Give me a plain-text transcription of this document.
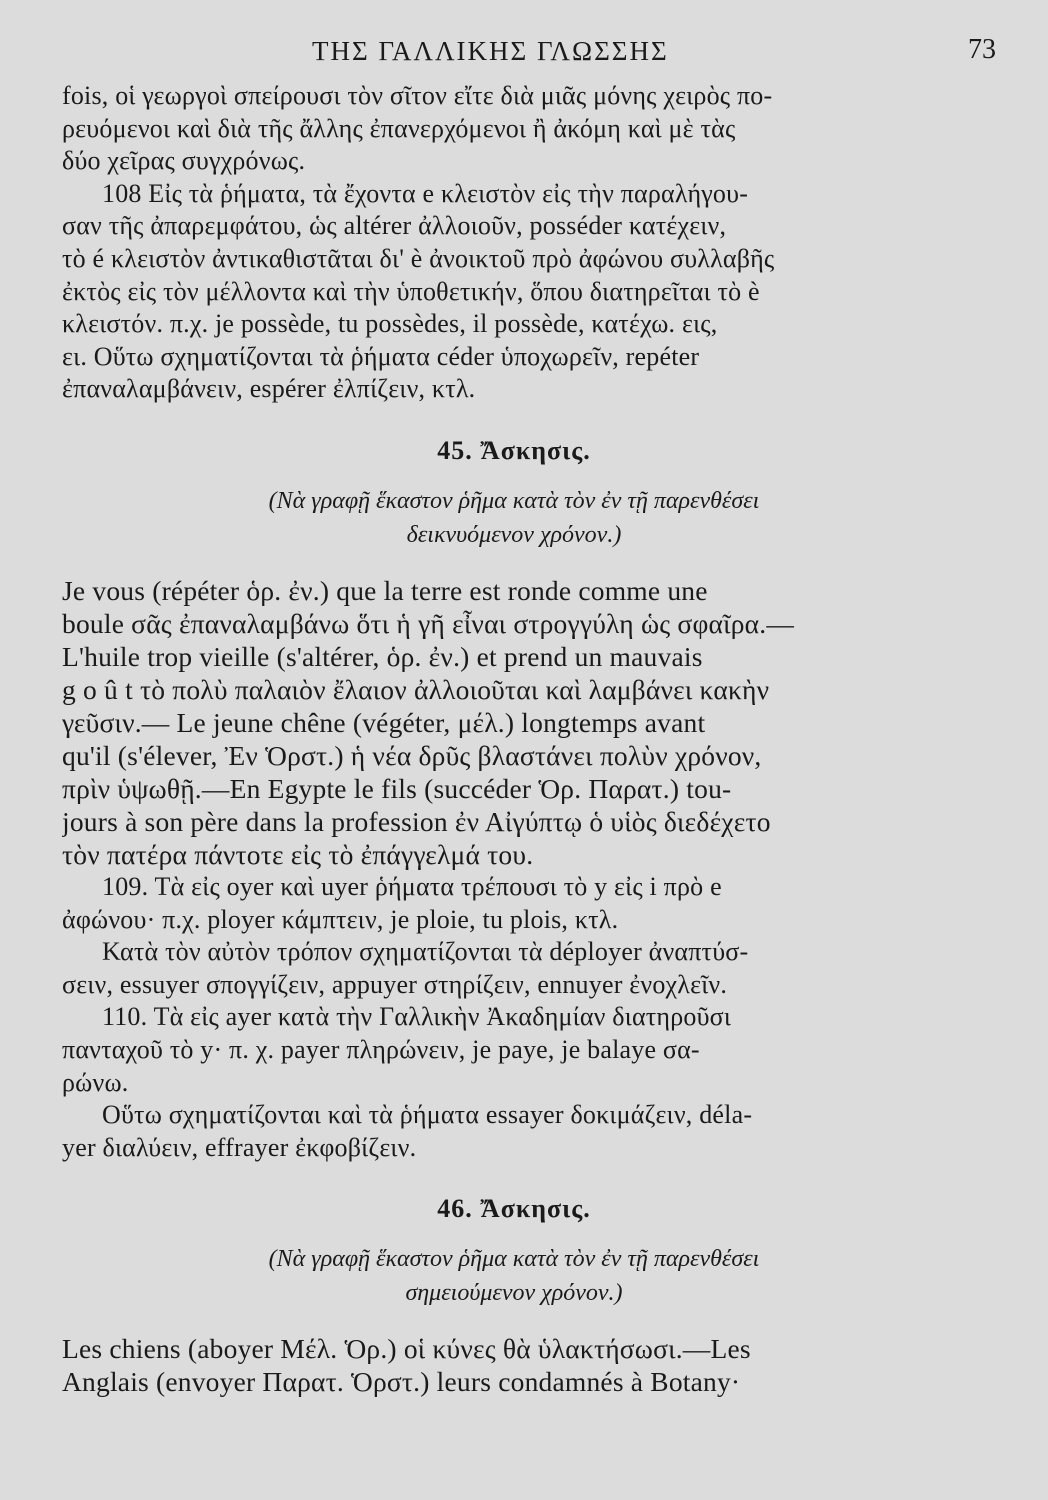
ΤΗΣ ΓΑΛΛΙΚΗΣ ΓΛΩΣΣΗΣ	73
fois, οἱ γεωργοὶ σπείρουσι τὸν σῖτον εἴτε διὰ μιᾶς μόνης χειρὸς πο-
ρευόμενοι καὶ διὰ τῆς ἄλλης ἐπανερχόμενοι ἢ ἀκόμη καὶ μὲ τὰς
δύο χεῖρας συγχρόνως.
108 Εἰς τὰ ῥήματα, τὰ ἔχοντα e κλειστὸν εἰς τὴν παραλήγου-
σαν τῆς ἀπαρεμφάτου, ὡς altérer ἀλλοιοῦν, posséder κατέχειν,
τὸ é κλειστὸν ἀντικαθιστᾶται δι' è ἀνοικτοῦ πρὸ ἀφώνου συλλαβῆς
ἐκτὸς εἰς τὸν μέλλοντα καὶ τὴν ὑποθετικήν, ὅπου διατηρεῖται τὸ è
κλειστόν. π.χ. je possède, tu possèdes, il possède, κατέχω. εις,
ει. Οὕτω σχηματίζονται τὰ ῥήματα céder ὑποχωρεῖν, repéter
ἐπαναλαμβάνειν, espérer ἐλπίζειν, κτλ.
45. Ἄσκησις.
(Νὰ γραφῇ ἕκαστον ῥῆμα κατὰ τὸν ἐν τῇ παρενθέσει
δεικνυόμενον χρόνον.)
Je vous (répéter ὁρ. ἐν.) que la terre est ronde comme une
boule σᾶς ἐπαναλαμβάνω ὅτι ἡ γῆ εἶναι στρογγύλη ὡς σφαῖρα.—
L'huile trop vieille (s'altérer, ὁρ. ἐν.) et prend un mauvais
g o û t τὸ πολὺ παλαιὸν ἔλαιον ἀλλοιοῦται καὶ λαμβάνει κακὴν
γεῦσιν.— Le jeune chêne (végéter, μέλ.) longtemps avant
qu'il (s'élever, Ἐν Ὁρστ.) ἡ νέα δρῦς βλαστάνει πολὺν χρόνον,
πρὶν ὑψωθῇ.—En Egypte le fils (succéder Ὁρ. Παρατ.) tou-
jours à son père dans la profession ἐν Αἰγύπτῳ ὁ υἱὸς διεδέχετο
τὸν πατέρα πάντοτε εἰς τὸ ἐπάγγελμά του.
109. Τὰ εἰς oyer καὶ uyer ῥήματα τρέπουσι τὸ y εἰς i πρὸ e
ἀφώνου· π.χ. ployer κάμπτειν, je ploie, tu plois, κτλ.
Κατὰ τὸν αὐτὸν τρόπον σχηματίζονται τὰ déployer ἀναπτύσ-
σειν, essuyer σπογγίζειν, appuyer στηρίζειν, ennuyer ἐνοχλεῖν.
110. Τὰ εἰς ayer κατὰ τὴν Γαλλικὴν Ἀκαδημίαν διατηροῦσι
πανταχοῦ τὸ y· π. χ. payer πληρώνειν, je paye, je balaye σα-
ρώνω.
Οὕτω σχηματίζονται καὶ τὰ ῥήματα essayer δοκιμάζειν, déla-
yer διαλύειν, effrayer ἐκφοβίζειν.
46. Ἄσκησις.
(Νὰ γραφῇ ἕκαστον ῥῆμα κατὰ τὸν ἐν τῇ παρενθέσει
σημειούμενον χρόνον.)
Les chiens (aboyer Μέλ. Ὁρ.) οἱ κύνες θὰ ὑλακτήσωσι.—Les
Anglais (envoyer Παρατ. Ὁρστ.) leurs condamnés à Botany·
